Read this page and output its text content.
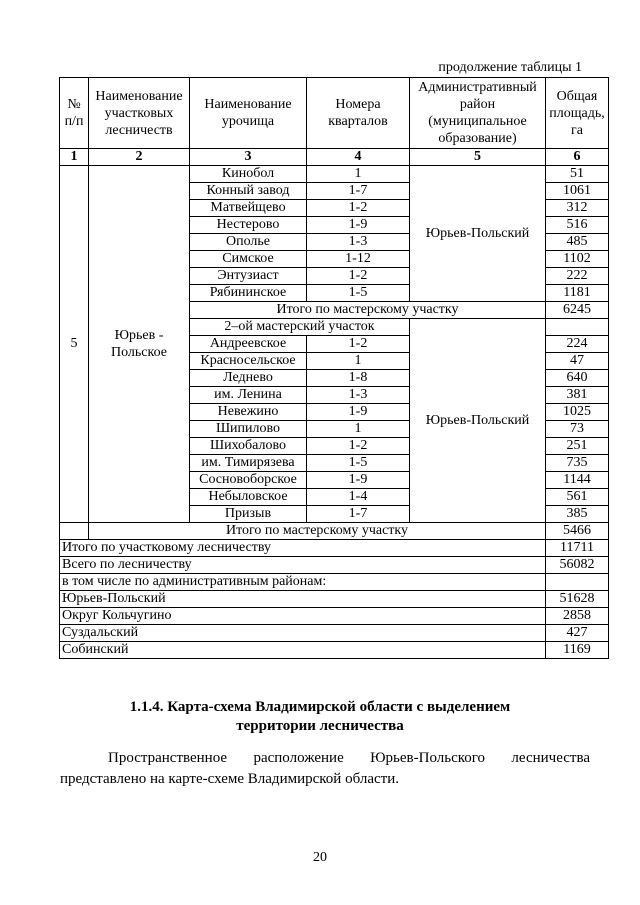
продолжение таблицы 1
№ п/п	Наименование участковых лесничеств	Наименование урочища	Номера кварталов	Административный район (муниципальное образование)	Общая площадь, га
1	2	3	4	5	6
5	Юрьев - Польское	Кинобол	1	Юрьев-Польский	51
		Конный завод	1-7		1061
		Матвейщево	1-2		312
		Нестерово	1-9		516
		Ополье	1-3		485
		Симское	1-12		1102
		Энтузиаст	1-2		222
		Рябининское	1-5		1181
		Итого по мастерскому участку			6245
		2–ой мастерский участок		Юрьев-Польский	
		Андреевское	1-2		224
		Красносельское	1		47
		Леднево	1-8		640
		им. Ленина	1-3		381
		Невежино	1-9		1025
		Шипилово	1		73
		Шихобалово	1-2		251
		им. Тимирязева	1-5		735
		Сосновоборское	1-9		1144
		Небыловское	1-4		561
		Призыв	1-7		385
	Итого по мастерскому участку				5466
Итого по участковому лесничеству					11711
Всего по лесничеству					56082
в том числе по административным районам:					
Юрьев-Польский					51628
Округ Кольчугино					2858
Суздальский					427
Собинский					1169
1.1.4. Карта-схема Владимирской области с выделением
территории лесничества
Пространственное расположение Юрьев-Польского лесничества представлено на карте-схеме Владимирской области.
20
